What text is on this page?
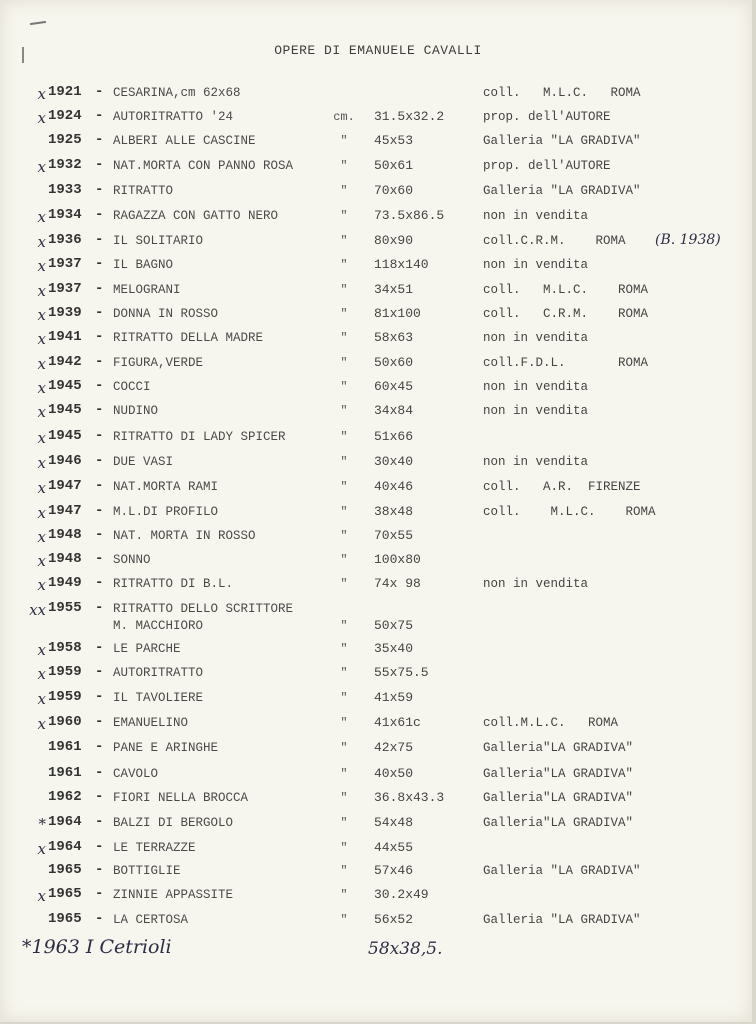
OPERE DI EMANUELE CAVALLI
x 1921 - CESARINA,cm 62x68	coll.   M.L.C.   ROMA
x 1924 - AUTORITRATTO '24	cm. 31.5x32.2	prop. dell'AUTORE
1925 - ALBERI ALLE CASCINE	"	45x53	Galleria "LA GRADIVA"
x 1932 - NAT.MORTA CON PANNO ROSA	"	50x61	prop. dell'AUTORE
1933 - RITRATTO	"	70x60	Galleria "LA GRADIVA"
x 1934 - RAGAZZA CON GATTO NERO	"	73.5x86.5	non in vendita
x 1936 - IL SOLITARIO	"	80x90	coll.C.R.M.    ROMA (B. 1938)
x 1937 - IL BAGNO	"	118x140	non in vendita
x 1937 - MELOGRANI	"	34x51	coll.   M.L.C.    ROMA
x 1939 - DONNA IN ROSSO	"	81x100	coll.   C.R.M.    ROMA
x 1941 - RITRATTO DELLA MADRE	"	58x63	non in vendita
x 1942 - FIGURA,VERDE	"	50x60	coll.F.D.L.       ROMA
x 1945 - COCCI	"	60x45	non in vendita
x 1945 - NUDINO	"	34x84	non in vendita
x 1945 - RITRATTO DI LADY SPICER	"	51x66
x 1946 - DUE VASI	"	30x40	non in vendita
x 1947 - NAT.MORTA RAMI	"	40x46	coll.   A.R.  FIRENZE
x 1947 - M.L.DI PROFILO	"	38x48	coll.    M.L.C.    ROMA
x 1948 - NAT. MORTA IN ROSSO	"	70x55
x 1948 - SONNO	"	100x80
x 1949 - RITRATTO DI B.L.	"	74x 98	non in vendita
xx 1955 - RITRATTO DELLO SCRITTORE
M. MACCHIORO	"	50x75
x 1958 - LE PARCHE	"	35x40
x 1959 - AUTORITRATTO	"	55x75.5
x 1959 - IL TAVOLIERE	"	41x59
x 1960 - EMANUELINO	"	41x61c	coll.M.L.C.   ROMA
1961 - PANE E ARINGHE	"	42x75	Galleria"LA GRADIVA"
1961 - CAVOLO	"	40x50	Galleria"LA GRADIVA"
1962 - FIORI NELLA BROCCA	"	36.8x43.3	Galleria"LA GRADIVA"
* 1964 - BALZI DI BERGOLO	"	54x48	Galleria"LA GRADIVA"
x 1964 - LE TERRAZZE	"	44x55
1965 - BOTTIGLIE	"	57x46	Galleria "LA GRADIVA"
x 1965 - ZINNIE APPASSITE	"	30.2x49
1965 - LA CERTOSA	"	56x52	Galleria "LA GRADIVA"
*1963 I Cetrioli	58x38,5.
